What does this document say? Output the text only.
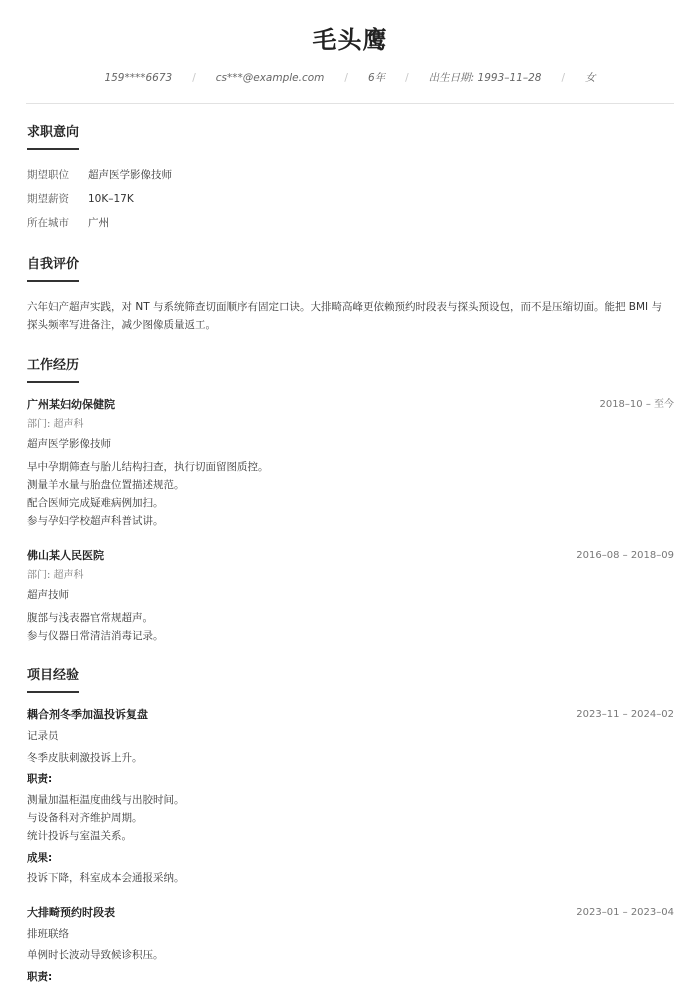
毛头鹰
159****6673 / cs***@example.com / 6年 / 出生日期: 1993–11–28 / 女
求职意向
期望职位 超声医学影像技师
期望薪资 10K–17K
所在城市 广州
自我评价
六年妇产超声实践，对 NT 与系统筛查切面顺序有固定口诀。大排畸高峰更依赖预约时段表与探头预设包，而不是压缩切面。能把 BMI 与
探头频率写进备注，减少图像质量返工。
工作经历
广州某妇幼保健院	2018–10 – 至今
部门: 超声科
超声医学影像技师
早中孕期筛查与胎儿结构扫查，执行切面留图质控。
测量羊水量与胎盘位置描述规范。
配合医师完成疑难病例加扫。
参与孕妇学校超声科普试讲。
佛山某人民医院	2016–08 – 2018–09
部门: 超声科
超声技师
腹部与浅表器官常规超声。
参与仪器日常清洁消毒记录。
项目经验
耦合剂冬季加温投诉复盘	2023–11 – 2024–02
记录员
冬季皮肤刺激投诉上升。
职责:
测量加温柜温度曲线与出胶时间。
与设备科对齐维护周期。
统计投诉与室温关系。
成果:
投诉下降，科室成本会通报采纳。
大排畸预约时段表	2023–01 – 2023–04
排班联络
单例时长波动导致候诊积压。
职责:
